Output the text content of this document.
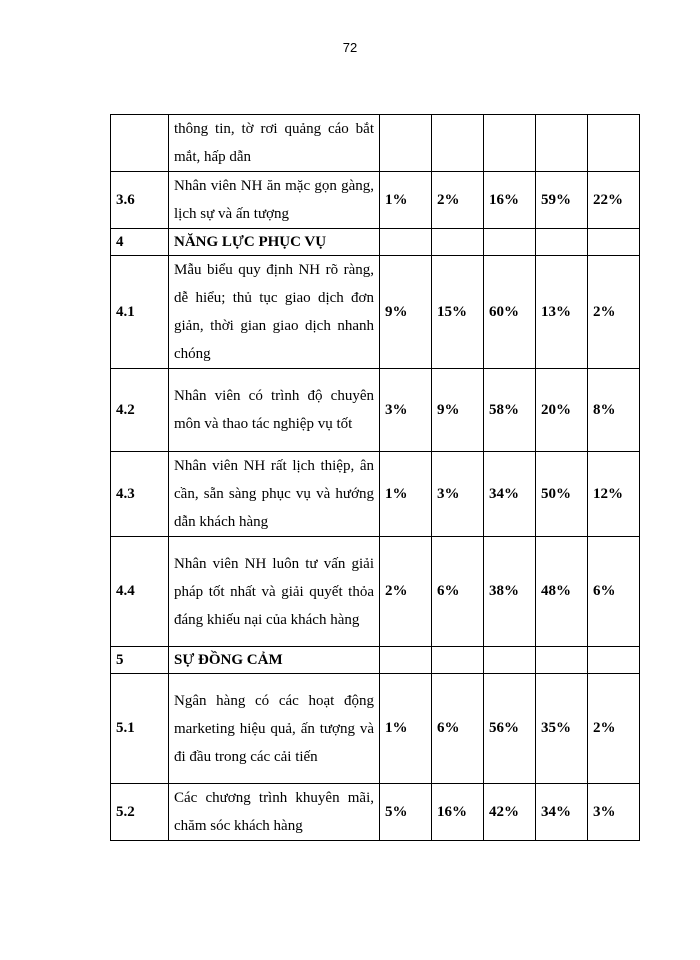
72
	thông tin, tờ rơi quảng cáo bắt mắt, hấp dẫn					
3.6	Nhân viên NH ăn mặc gọn gàng, lịch sự và ấn tượng	1%	2%	16%	59%	22%
4	NĂNG LỰC PHỤC VỤ					
4.1	Mẫu biểu quy định NH rõ ràng, dễ hiểu; thủ tục giao dịch đơn giản, thời gian giao dịch nhanh chóng	9%	15%	60%	13%	2%
4.2	Nhân viên có trình độ chuyên môn và thao tác nghiệp vụ tốt	3%	9%	58%	20%	8%
4.3	Nhân viên NH rất lịch thiệp, ân cần, sẵn sàng phục vụ và hướng dẫn khách hàng	1%	3%	34%	50%	12%
4.4	Nhân viên NH luôn tư vấn giải pháp tốt nhất và giải quyết thỏa đáng khiếu nại của khách hàng	2%	6%	38%	48%	6%
5	SỰ ĐỒNG CẢM					
5.1	Ngân hàng có các hoạt động marketing hiệu quả, ấn tượng và đi đầu trong các cải tiến	1%	6%	56%	35%	2%
5.2	Các chương trình khuyên mãi, chăm sóc khách hàng	5%	16%	42%	34%	3%
